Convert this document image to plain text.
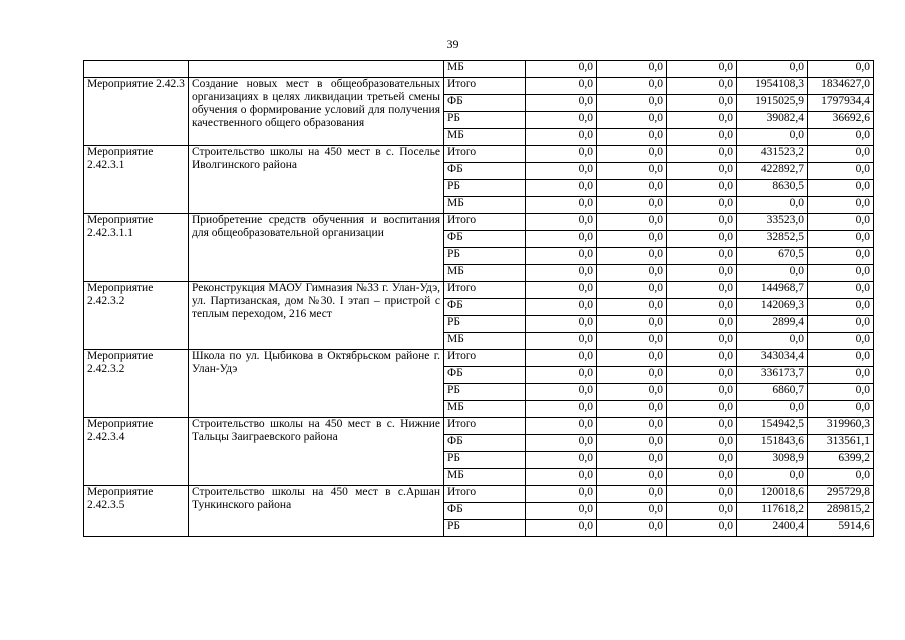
39
		МБ	0,0	0,0	0,0	0,0	0,0
Мероприятие 2.42.3	Создание новых мест в общеобразовательных организациях в целях ликвидации третьей смены обучения о формирование условий для получения качественного общего образования	Итого	0,0	0,0	0,0	1954108,3	1834627,0
		ФБ	0,0	0,0	0,0	1915025,9	1797934,4
		РБ	0,0	0,0	0,0	39082,4	36692,6
		МБ	0,0	0,0	0,0	0,0	0,0
Мероприятие 2.42.3.1	Строительство школы на 450 мест в с. Поселье Иволгинского района	Итого	0,0	0,0	0,0	431523,2	0,0
		ФБ	0,0	0,0	0,0	422892,7	0,0
		РБ	0,0	0,0	0,0	8630,5	0,0
		МБ	0,0	0,0	0,0	0,0	0,0
Мероприятие 2.42.3.1.1	Приобретение средств обученния и воспитания для общеобразовательной организации	Итого	0,0	0,0	0,0	33523,0	0,0
		ФБ	0,0	0,0	0,0	32852,5	0,0
		РБ	0,0	0,0	0,0	670,5	0,0
		МБ	0,0	0,0	0,0	0,0	0,0
Мероприятие 2.42.3.2	Реконструкция МАОУ Гимназия №33 г. Улан-Удэ, ул. Партизанская, дом №30. I этап – пристрой с теплым переходом, 216 мест	Итого	0,0	0,0	0,0	144968,7	0,0
		ФБ	0,0	0,0	0,0	142069,3	0,0
		РБ	0,0	0,0	0,0	2899,4	0,0
		МБ	0,0	0,0	0,0	0,0	0,0
Мероприятие 2.42.3.2	Школа по ул. Цыбикова в Октябрьском районе г. Улан-Удэ	Итого	0,0	0,0	0,0	343034,4	0,0
		ФБ	0,0	0,0	0,0	336173,7	0,0
		РБ	0,0	0,0	0,0	6860,7	0,0
		МБ	0,0	0,0	0,0	0,0	0,0
Мероприятие 2.42.3.4	Строительство школы на 450 мест в с. Нижние Тальцы Заиграевского района	Итого	0,0	0,0	0,0	154942,5	319960,3
		ФБ	0,0	0,0	0,0	151843,6	313561,1
		РБ	0,0	0,0	0,0	3098,9	6399,2
		МБ	0,0	0,0	0,0	0,0	0,0
Мероприятие 2.42.3.5	Строительство школы на 450 мест в с.Аршан Тункинского района	Итого	0,0	0,0	0,0	120018,6	295729,8
		ФБ	0,0	0,0	0,0	117618,2	289815,2
		РБ	0,0	0,0	0,0	2400,4	5914,6
